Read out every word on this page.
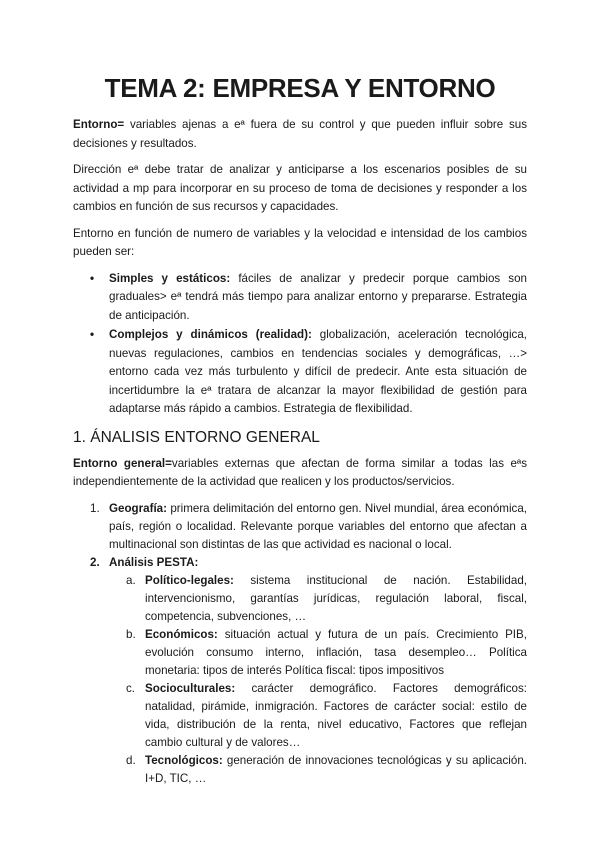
TEMA 2: EMPRESA Y ENTORNO

Entorno= variables ajenas a eª fuera de su control y que pueden influir sobre sus decisiones y resultados.

Dirección eª debe tratar de analizar y anticiparse a los escenarios posibles de su actividad a mp para incorporar en su proceso de toma de decisiones y responder a los cambios en función de sus recursos y capacidades.

Entorno en función de numero de variables y la velocidad e intensidad de los cambios pueden ser:

• Simples y estáticos: fáciles de analizar y predecir porque cambios son graduales> eª tendrá más tiempo para analizar entorno y prepararse. Estrategia de anticipación.
• Complejos y dinámicos (realidad): globalización, aceleración tecnológica, nuevas regulaciones, cambios en tendencias sociales y demográficas, …> entorno cada vez más turbulento y difícil de predecir. Ante esta situación de incertidumbre la eª tratara de alcanzar la mayor flexibilidad de gestión para adaptarse más rápido a cambios. Estrategia de flexibilidad.
1. ÁNALISIS ENTORNO GENERAL

Entorno general=variables externas que afectan de forma similar a todas las eªs independientemente de la actividad que realicen y los productos/servicios.

1. Geografía: primera delimitación del entorno gen. Nivel mundial, área económica, país, región o localidad. Relevante porque variables del entorno que afectan a multinacional son distintas de las que actividad es nacional o local.
2. Análisis PESTA:
a. Político-legales: sistema institucional de nación. Estabilidad, intervencionismo, garantías jurídicas, regulación laboral, fiscal, competencia, subvenciones, …
b. Económicos: situación actual y futura de un país. Crecimiento PIB, evolución consumo interno, inflación, tasa desempleo… Política monetaria: tipos de interés Política fiscal: tipos impositivos
c. Socioculturales: carácter demográfico. Factores demográficos: natalidad, pirámide, inmigración. Factores de carácter social: estilo de vida, distribución de la renta, nivel educativo, Factores que reflejan cambio cultural y de valores…
d. Tecnológicos: generación de innovaciones tecnológicas y su aplicación. I+D, TIC, …
